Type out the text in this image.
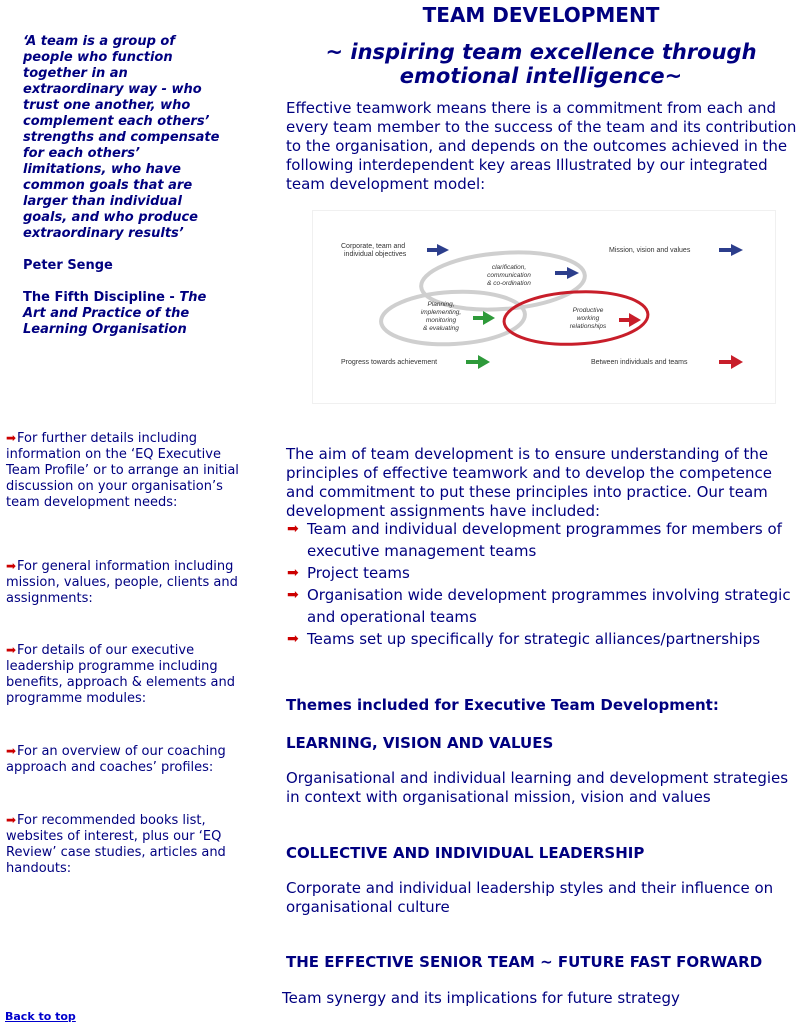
‘A team is a group of people who function together in an extraordinary way - who trust one another, who complement each others’ strengths and compensate for each others’ limitations, who have common goals that are larger than individual goals, and who produce extraordinary results’

Peter Senge

The Fifth Discipline - The Art and Practice of the Learning Organisation

➡For further details including information on the ‘EQ Executive Team Profile’ or to arrange an initial discussion on your organisation’s team development needs:

➡For general information including mission, values, people, clients and assignments:

➡For details of our executive leadership programme including benefits, approach & elements and programme modules:

➡For an overview of our coaching approach and coaches’ profiles:

➡For recommended books list, websites of interest, plus our ‘EQ Review’ case studies, articles and handouts:

Back to top
TEAM DEVELOPMENT
~ inspiring team excellence through emotional intelligence~

Effective teamwork means there is a commitment from each and every team member to the success of the team and its contribution to the organisation, and depends on the outcomes achieved in the following interdependent key areas Illustrated by our integrated team development model:

Corporate, team and
individual objectives
Mission, vision and values
clarification,
communication
& co-ordination
Planning,
implementing,
monitoring
& evaluating
Productive
working
relationships
Progress towards achievement	Between individuals and teams

The aim of team development is to ensure understanding of the principles of effective teamwork and to develop the competence and commitment to put these principles into practice. Our team development assignments have included:

➡ Team and individual development programmes for members of executive management teams
➡ Project teams
➡ Organisation wide development programmes involving strategic and operational teams
➡ Teams set up specifically for strategic alliances/partnerships
Themes included for Executive Team Development:
LEARNING, VISION AND VALUES

Organisational and individual learning and development strategies in context with organisational mission, vision and values

COLLECTIVE AND INDIVIDUAL LEADERSHIP

Corporate and individual leadership styles and their influence on organisational culture

THE EFFECTIVE SENIOR TEAM ~ FUTURE FAST FORWARD

Team synergy and its implications for future strategy
